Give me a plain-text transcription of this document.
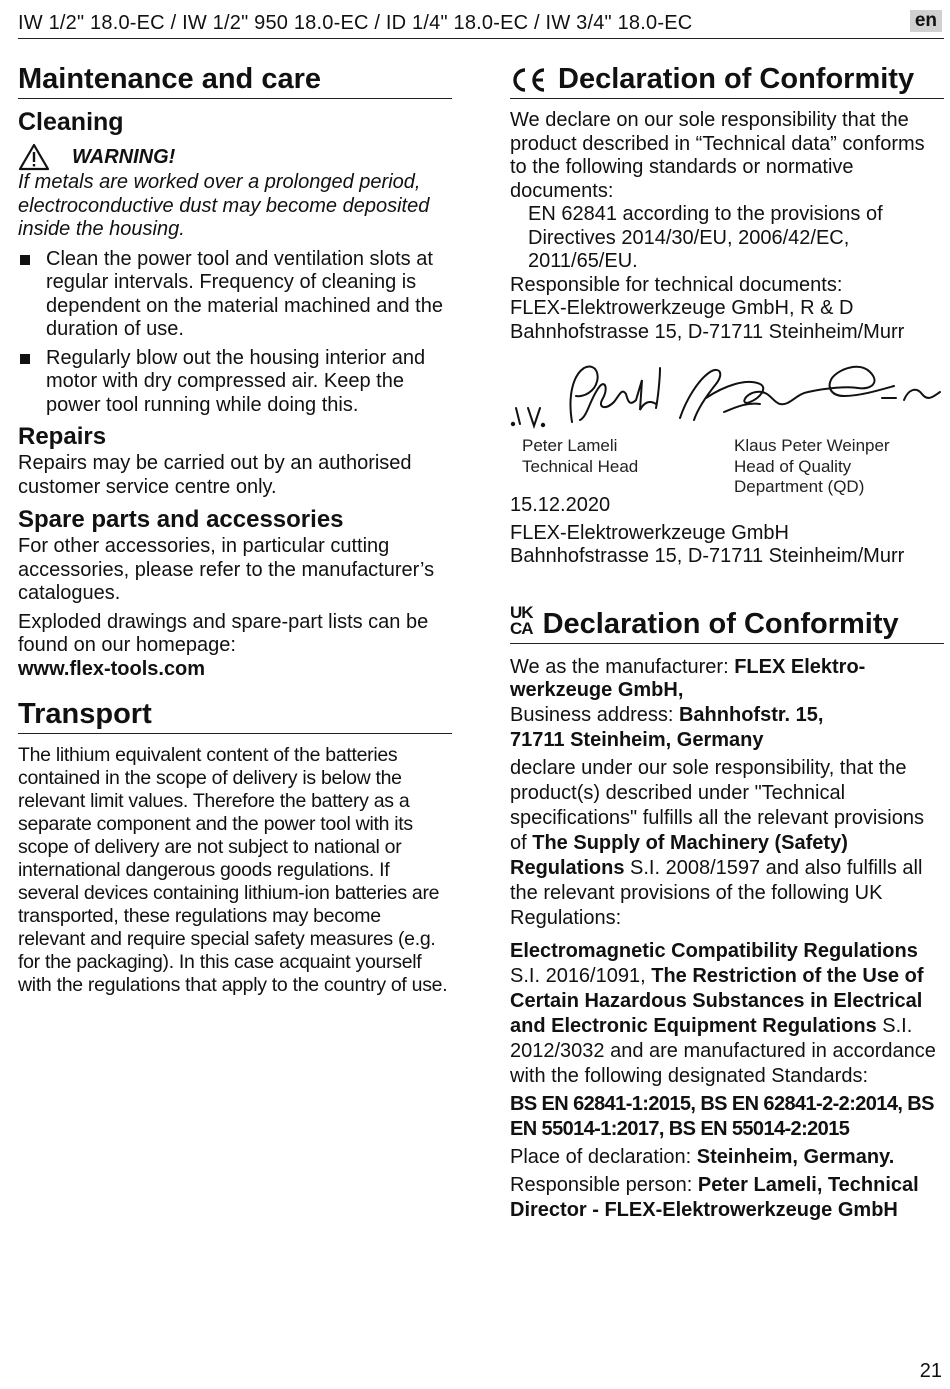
IW 1/2" 18.0-EC / IW 1/2" 950 18.0-EC / ID 1/4" 18.0-EC / IW 3/4" 18.0-EC	en
Maintenance and care
Cleaning
WARNING!

If metals are worked over a prolonged period, electroconductive dust may become deposited inside the housing.

Clean the power tool and ventilation slots at regular intervals. Frequency of cleaning is dependent on the material machined and the duration of use.
Regularly blow out the housing interior and motor with dry compressed air. Keep the power tool running while doing this.
Repairs

Repairs may be carried out by an authorised customer service centre only.

Spare parts and accessories

For other accessories, in particular cutting accessories, please refer to the manufacturer’s catalogues.

Exploded drawings and spare-part lists can be found on our homepage:

www.flex-tools.com
Transport

The lithium equivalent content of the batteries contained in the scope of delivery is below the relevant limit values. Therefore the battery as a separate component and the power tool with its scope of delivery are not subject to national or international dangerous goods regulations. If several devices containing lithium-ion batteries are transported, these regulations may become relevant and require special safety measures (e.g. for the packaging). In this case acquaint yourself with the regulations that apply to the country of use.

Declaration of Conformity

We declare on our sole responsibility that the product described in “Technical data” conforms to the following standards or normative documents:

EN 62841 according to the provisions of Directives 2014/30/EU, 2006/42/EC, 2011/65/EU.

Responsible for technical documents:

FLEX-Elektrowerkzeuge GmbH, R & D

Bahnhofstrasse 15, D-71711 Steinheim/Murr

Peter Lameli
Technical Head
Klaus Peter Weinper
Head of Quality
Department (QD)

15.12.2020

FLEX-Elektrowerkzeuge GmbH

Bahnhofstrasse 15, D-71711 Steinheim/Murr

UK
CA Declaration of Conformity

We as the manufacturer: FLEX Elektro-
werkzeuge GmbH,

Business address: Bahnhofstr. 15,
71711 Steinheim, Germany

declare under our sole responsibility, that the product(s) described under "Technical specifications" fulfills all the relevant provisions of The Supply of Machinery (Safety) Regulations S.I. 2008/1597 and also fulfills all the relevant provisions of the following UK Regulations:

Electromagnetic Compatibility Regulations S.I. 2016/1091, The Restriction of the Use of Certain Hazardous Substances in Electrical and Electronic Equipment Regulations S.I. 2012/3032 and are manufactured in accordance with the following designated Standards:

BS EN 62841-1:2015, BS EN 62841-2-2:2014, BS EN 55014-1:2017, BS EN 55014-2:2015

Place of declaration: Steinheim, Germany.

Responsible person: Peter Lameli, Technical Director - FLEX-Elektrowerkzeuge GmbH

21
